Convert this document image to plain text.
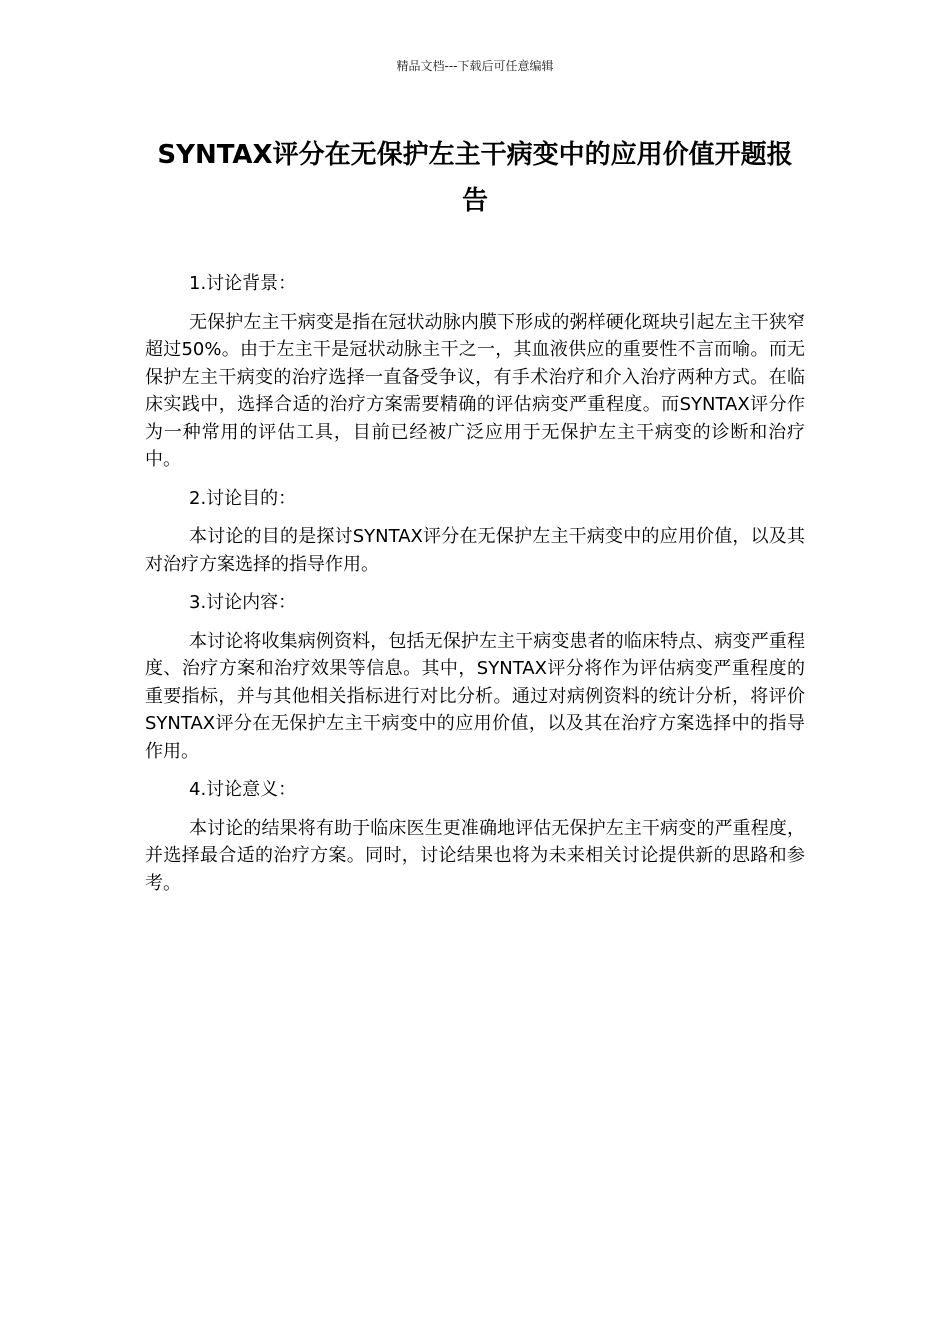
精品文档---下载后可任意编辑
SYNTAX评分在无保护左主干病变中的应用价值开题报告

1.讨论背景：

无保护左主干病变是指在冠状动脉内膜下形成的粥样硬化斑块引起左主干狭窄超过50%。由于左主干是冠状动脉主干之一，其血液供应的重要性不言而喻。而无保护左主干病变的治疗选择一直备受争议，有手术治疗和介入治疗两种方式。在临床实践中，选择合适的治疗方案需要精确的评估病变严重程度。而SYNTAX评分作为一种常用的评估工具，目前已经被广泛应用于无保护左主干病变的诊断和治疗中。

2.讨论目的：

本讨论的目的是探讨SYNTAX评分在无保护左主干病变中的应用价值，以及其对治疗方案选择的指导作用。

3.讨论内容：

本讨论将收集病例资料，包括无保护左主干病变患者的临床特点、病变严重程度、治疗方案和治疗效果等信息。其中，SYNTAX评分将作为评估病变严重程度的重要指标，并与其他相关指标进行对比分析。通过对病例资料的统计分析，将评价SYNTAX评分在无保护左主干病变中的应用价值，以及其在治疗方案选择中的指导作用。

4.讨论意义：

本讨论的结果将有助于临床医生更准确地评估无保护左主干病变的严重程度，并选择最合适的治疗方案。同时，讨论结果也将为未来相关讨论提供新的思路和参考。
